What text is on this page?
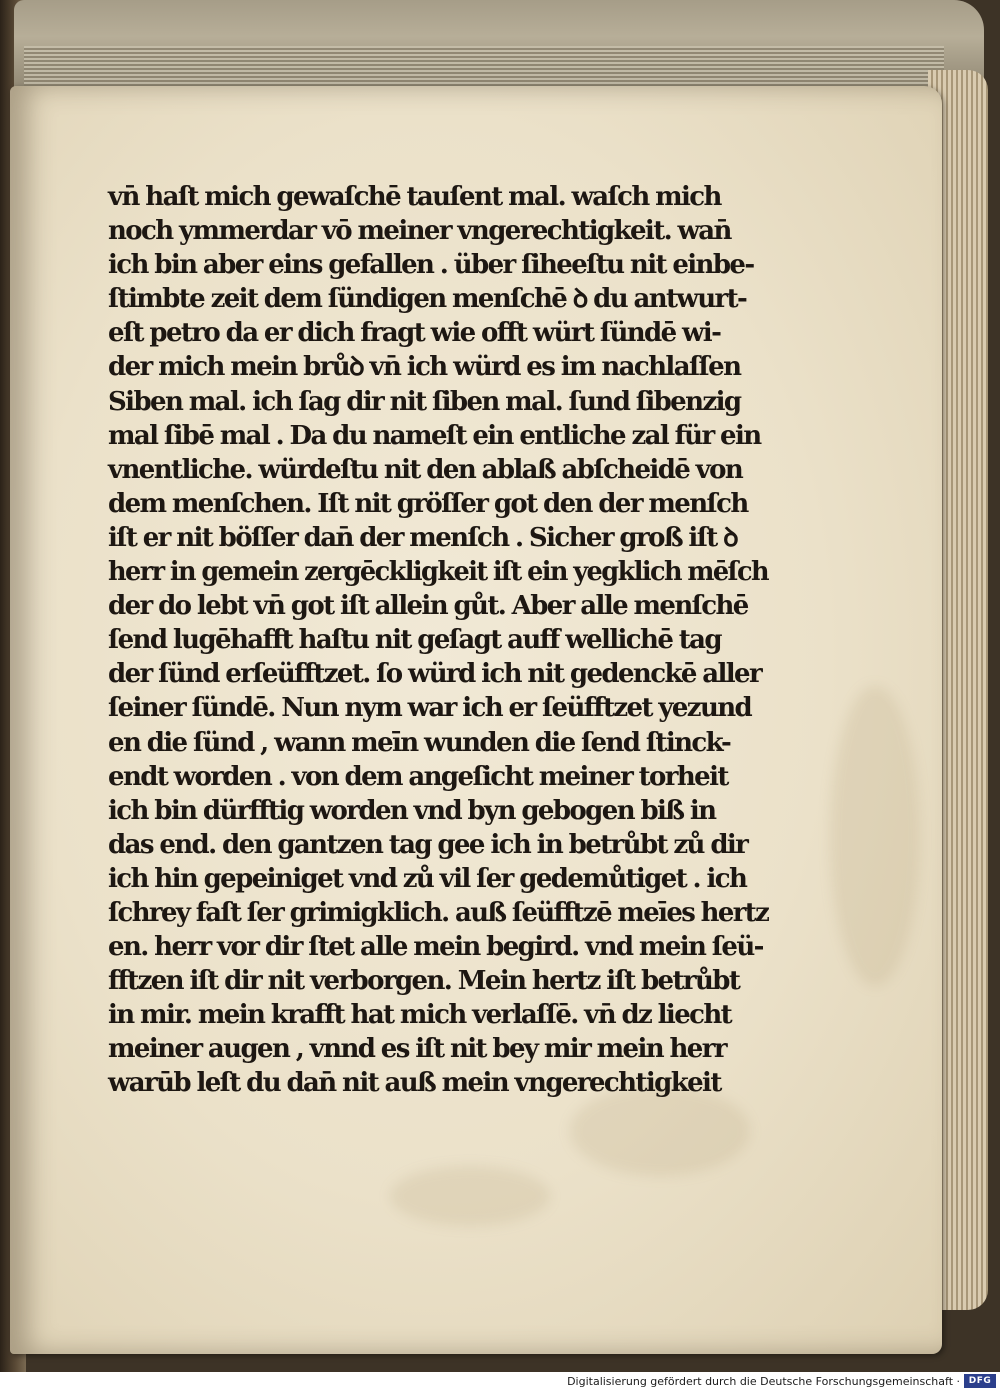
vn̄ haſt mich gewaſchē tauſent mal. waſch mich
noch ymmerdar vō meiner vngerechtigkeit. wan̄
ich bin aber eins gefallen . über ſiheeſtu nit einbe-
ſtimbte zeit dem ſündigen menſchē ꝺ du antwurt-
eſt petro da er dich fragt wie offt würt ſündē wi-
der mich mein brůꝺ vn̄ ich würd es im nachlaſſen
Siben mal. ich ſag dir nit ſiben mal. ſund ſibenzig
mal ſibē mal . Da du nameſt ein entliche zal für ein
vnentliche. würdeſtu nit den ablaß abſcheidē von
dem menſchen. Iſt nit gröſſer got den der menſch
iſt er nit böſſer dan̄ der menſch . Sicher groß iſt ꝺ
herr in gemein zergēckligkeit iſt ein yegklich mēſch
der do lebt vn̄ got iſt allein gůt. Aber alle menſchē
ſend lugēhafft haſtu nit geſagt auff wellichē tag
der ſünd erſeüfftzet. ſo würd ich nit gedenckē aller
ſeiner ſündē. Nun nym war ich er ſeüfftzet yezund
en die ſünd , wann meīn wunden die ſend ſtinck-
endt worden . von dem angeſicht meiner torheit
ich bin dürfftig worden vnd byn gebogen biß in
das end. den gantzen tag gee ich in betrůbt zů dir
ich hin gepeiniget vnd zů vil ſer gedemůtiget . ich
ſchrey faſt ſer grimigklich. auß ſeüfftzē meīes hertz
en. herr vor dir ſtet alle mein begird. vnd mein ſeü-
fftzen iſt dir nit verborgen. Mein hertz iſt betrůbt
in mir. mein krafft hat mich verlaſſē. vn̄ dz liecht
meiner augen , vnnd es iſt nit bey mir mein herr
warūb leſt du dan̄ nit auß mein vngerechtigkeit
Digitalisierung gefördert durch die Deutsche Forschungsgemeinschaft · DFG
